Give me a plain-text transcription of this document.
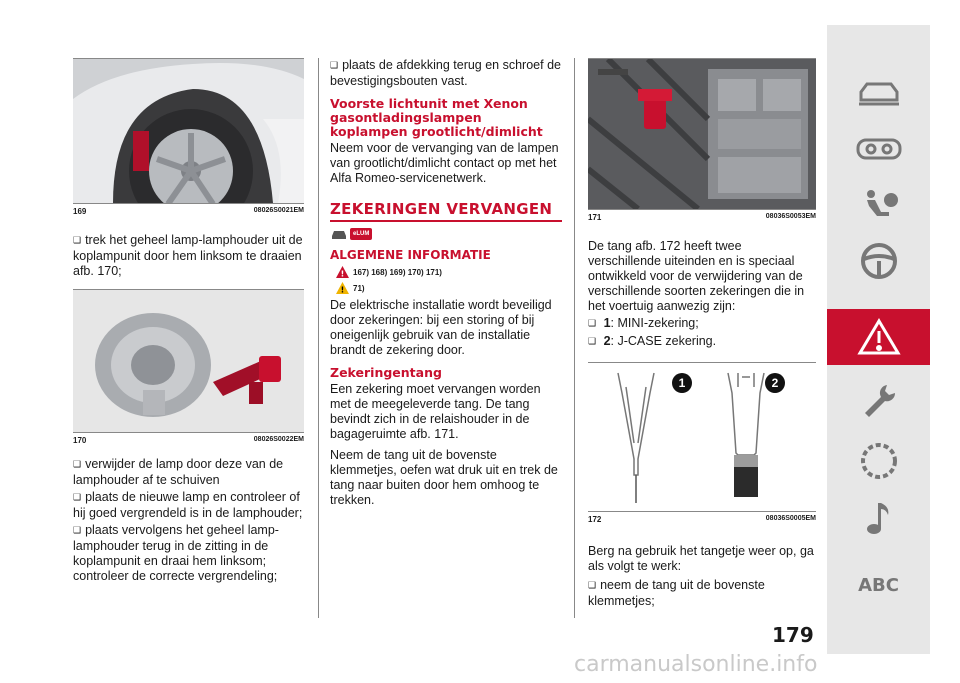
169	08026S0021EM

❑ trek het geheel lamp-lamphouder uit de koplampunit door hem linksom te draaien afb. 170;

170	08026S0022EM

❑ verwijder de lamp door deze van de lamphouder af te schuiven

❑ plaats de nieuwe lamp en controleer of hij goed vergrendeld is in de lamphouder;

❑ plaats vervolgens het geheel lamp-lamphouder terug in de zitting in de koplampunit en draai hem linksom; controleer de correcte vergrendeling;

❑ plaats de afdekking terug en schroef de bevestigingsbouten vast.

Voorste lichtunit met Xenon gasontladingslampen koplampen grootlicht/dimlicht

Neem voor de vervanging van de lampen van grootlicht/dimlicht contact op met het Alfa Romeo-servicenetwerk.

ZEKERINGEN VERVANGEN
eLUM
ALGEMENE INFORMATIE
! 167) 168) 169) 170) 171)
! 71)

De elektrische installatie wordt beveiligd door zekeringen: bij een storing of bij oneigenlijk gebruik van de installatie brandt de zekering door.

Zekeringentang

Een zekering moet vervangen worden met de meegeleverde tang. De tang bevindt zich in de relaishouder in de bagageruimte afb. 171.

Neem de tang uit de bovenste klemmetjes, oefen wat druk uit en trek de tang naar buiten door hem omhoog te trekken.

171	08036S0053EM

De tang afb. 172 heeft twee verschillende uiteinden en is speciaal ontwikkeld voor de verwijdering van de verschillende soorten zekeringen die in het voertuig aanwezig zijn:

❑ 1: MINI-zekering;

❑ 2: J-CASE zekering.

1	2
172	08036S0005EM

Berg na gebruik het tangetje weer op, ga als volgt te werk:

❑ neem de tang uit de bovenste klemmetjes;

179
ABC
carmanualsonline.info
